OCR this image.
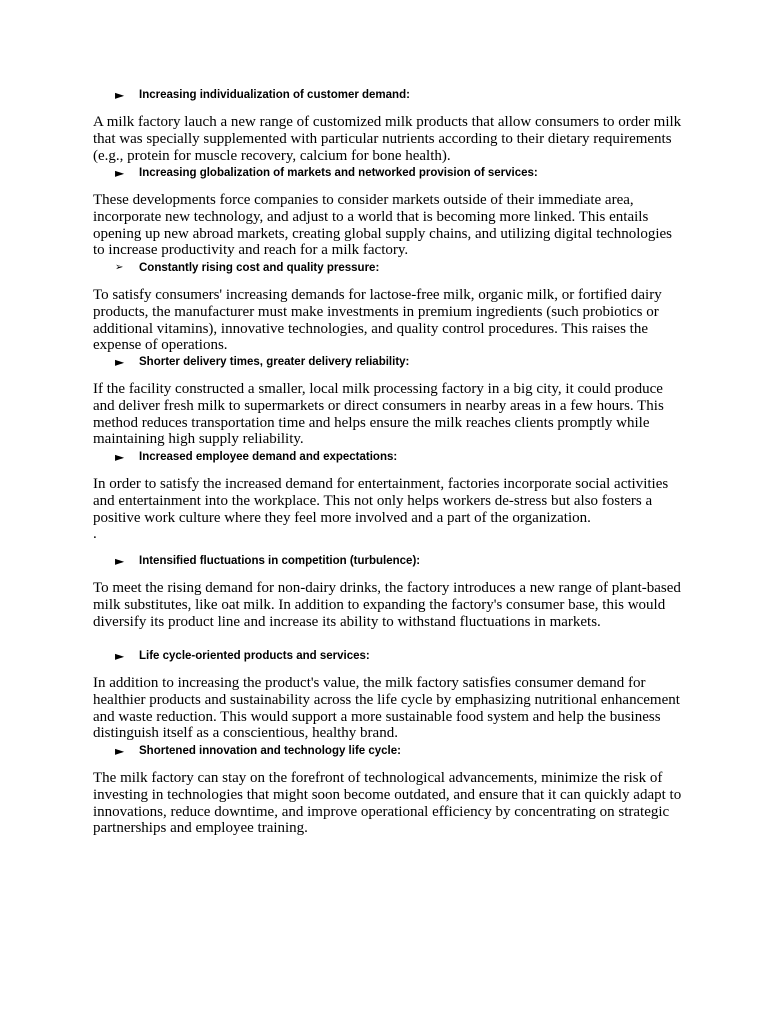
►	Increasing individualization of customer demand:

A milk factory lauch a new range of customized milk products that allow consumers to order milk that was specially supplemented with particular nutrients according to their dietary requirements (e.g., protein for muscle recovery, calcium for bone health).

►	Increasing globalization of markets and networked provision of services:

These developments force companies to consider markets outside of their immediate area, incorporate new technology, and adjust to a world that is becoming more linked. This entails opening up new abroad markets, creating global supply chains, and utilizing digital technologies to increase productivity and reach for a milk factory.

➢	Constantly rising cost and quality pressure:

To satisfy consumers' increasing demands for lactose-free milk, organic milk, or fortified dairy products, the manufacturer must make investments in premium ingredients (such probiotics or additional vitamins), innovative technologies, and quality control procedures. This raises the expense of operations.

►	Shorter delivery times, greater delivery reliability:

If the facility constructed a smaller, local milk processing factory in a big city, it could produce and deliver fresh milk to supermarkets or direct consumers in nearby areas in a few hours. This method reduces transportation time and helps ensure the milk reaches clients promptly while maintaining high supply reliability.

►	Increased employee demand and expectations:

In order to satisfy the increased demand for entertainment, factories incorporate social activities and entertainment into the workplace. This not only helps workers de-stress but also fosters a positive work culture where they feel more involved and a part of the organization.

.
►	Intensified fluctuations in competition (turbulence):

To meet the rising demand for non-dairy drinks, the factory introduces a new range of plant-based milk substitutes, like oat milk. In addition to expanding the factory's consumer base, this would diversify its product line and increase its ability to withstand fluctuations in markets.

►	Life cycle-oriented products and services:

In addition to increasing the product's value, the milk factory satisfies consumer demand for healthier products and sustainability across the life cycle by emphasizing nutritional enhancement and waste reduction. This would support a more sustainable food system and help the business distinguish itself as a conscientious, healthy brand.

►	Shortened innovation and technology life cycle:

The milk factory can stay on the forefront of technological advancements, minimize the risk of investing in technologies that might soon become outdated, and ensure that it can quickly adapt to innovations, reduce downtime, and improve operational efficiency by concentrating on strategic partnerships and employee training.
